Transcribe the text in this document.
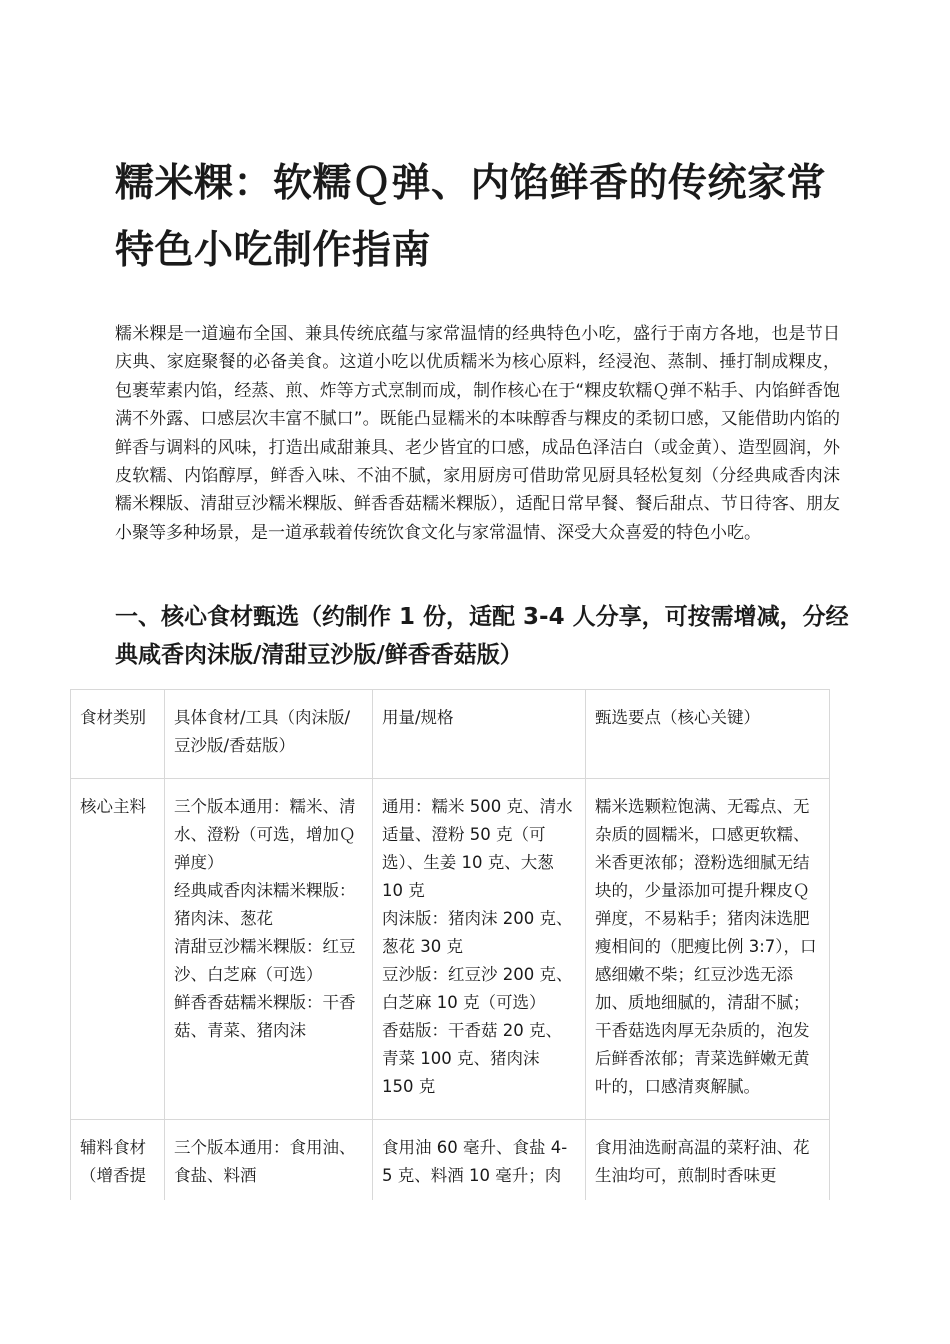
糯米粿：软糯Ｑ弹、内馅鲜香的传统家常特色小吃制作指南

糯米粿是一道遍布全国、兼具传统底蕴与家常温情的经典特色小吃，盛行于南方各地，也是节日庆典、家庭聚餐的必备美食。这道小吃以优质糯米为核心原料，经浸泡、蒸制、捶打制成粿皮，包裹荤素内馅，经蒸、煎、炸等方式烹制而成，制作核心在于“粿皮软糯Ｑ弹不粘手、内馅鲜香饱满不外露、口感层次丰富不腻口”。既能凸显糯米的本味醇香与粿皮的柔韧口感，又能借助内馅的鲜香与调料的风味，打造出咸甜兼具、老少皆宜的口感，成品色泽洁白（或金黄）、造型圆润，外皮软糯、内馅醇厚，鲜香入味、不油不腻，家用厨房可借助常见厨具轻松复刻（分经典咸香肉沫糯米粿版、清甜豆沙糯米粿版、鲜香香菇糯米粿版），适配日常早餐、餐后甜点、节日待客、朋友小聚等多种场景，是一道承载着传统饮食文化与家常温情、深受大众喜爱的特色小吃。

一、核心食材甄选（约制作 1 份，适配 3-4 人分享，可按需增减，分经典咸香肉沫版/清甜豆沙版/鲜香香菇版）
食材类别	具体食材/工具（肉沫版/豆沙版/香菇版）	用量/规格	甄选要点（核心关键）
核心主料	三个版本通用：糯米、清水、澄粉（可选，增加Ｑ弹度）
经典咸香肉沫糯米粿版：猪肉沫、葱花
清甜豆沙糯米粿版：红豆沙、白芝麻（可选）
鲜香香菇糯米粿版：干香菇、青菜、猪肉沫	通用：糯米 500 克、清水适量、澄粉 50 克（可选）、生姜 10 克、大葱 10 克
肉沫版：猪肉沫 200 克、葱花 30 克
豆沙版：红豆沙 200 克、白芝麻 10 克（可选）
香菇版：干香菇 20 克、青菜 100 克、猪肉沫 150 克	糯米选颗粒饱满、无霉点、无杂质的圆糯米，口感更软糯、米香更浓郁；澄粉选细腻无结块的，少量添加可提升粿皮Ｑ弹度，不易粘手；猪肉沫选肥瘦相间的（肥瘦比例 3:7），口感细嫩不柴；红豆沙选无添加、质地细腻的，清甜不腻；干香菇选肉厚无杂质的，泡发后鲜香浓郁；青菜选鲜嫩无黄叶的，口感清爽解腻。
辅料食材（增香提	三个版本通用：食用油、食盐、料酒	食用油 60 毫升、食盐 4-5 克、料酒 10 毫升；肉	食用油选耐高温的菜籽油、花生油均可，煎制时香味更
